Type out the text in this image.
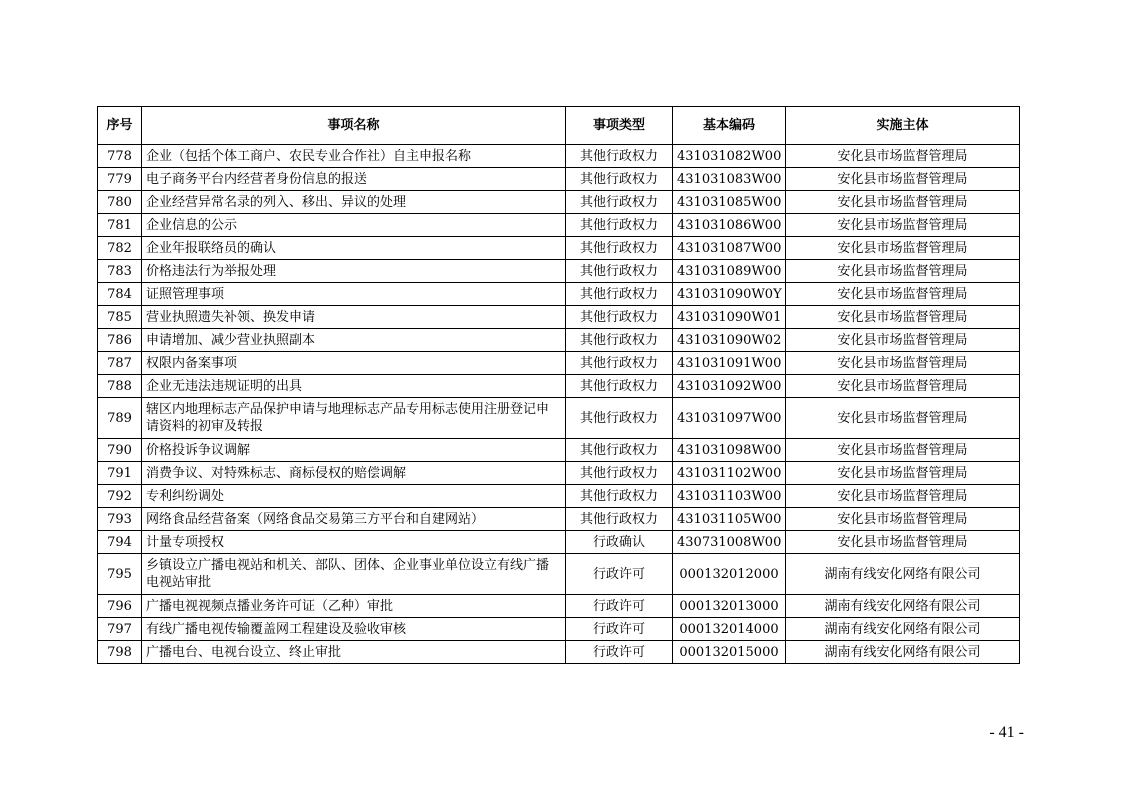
序号	事项名称	事项类型	基本编码	实施主体
778	企业（包括个体工商户、农民专业合作社）自主申报名称	其他行政权力	431031082W00	安化县市场监督管理局
779	电子商务平台内经营者身份信息的报送	其他行政权力	431031083W00	安化县市场监督管理局
780	企业经营异常名录的列入、移出、异议的处理	其他行政权力	431031085W00	安化县市场监督管理局
781	企业信息的公示	其他行政权力	431031086W00	安化县市场监督管理局
782	企业年报联络员的确认	其他行政权力	431031087W00	安化县市场监督管理局
783	价格违法行为举报处理	其他行政权力	431031089W00	安化县市场监督管理局
784	证照管理事项	其他行政权力	431031090W0Y	安化县市场监督管理局
785	营业执照遗失补领、换发申请	其他行政权力	431031090W01	安化县市场监督管理局
786	申请增加、减少营业执照副本	其他行政权力	431031090W02	安化县市场监督管理局
787	权限内备案事项	其他行政权力	431031091W00	安化县市场监督管理局
788	企业无违法违规证明的出具	其他行政权力	431031092W00	安化县市场监督管理局
789	辖区内地理标志产品保护申请与地理标志产品专用标志使用注册登记申请资料的初审及转报	其他行政权力	431031097W00	安化县市场监督管理局
790	价格投诉争议调解	其他行政权力	431031098W00	安化县市场监督管理局
791	消费争议、对特殊标志、商标侵权的赔偿调解	其他行政权力	431031102W00	安化县市场监督管理局
792	专利纠纷调处	其他行政权力	431031103W00	安化县市场监督管理局
793	网络食品经营备案（网络食品交易第三方平台和自建网站）	其他行政权力	431031105W00	安化县市场监督管理局
794	计量专项授权	行政确认	430731008W00	安化县市场监督管理局
795	乡镇设立广播电视站和机关、部队、团体、企业事业单位设立有线广播电视站审批	行政许可	000132012000	湖南有线安化网络有限公司
796	广播电视视频点播业务许可证（乙种）审批	行政许可	000132013000	湖南有线安化网络有限公司
797	有线广播电视传输覆盖网工程建设及验收审核	行政许可	000132014000	湖南有线安化网络有限公司
798	广播电台、电视台设立、终止审批	行政许可	000132015000	湖南有线安化网络有限公司
- 41 -
